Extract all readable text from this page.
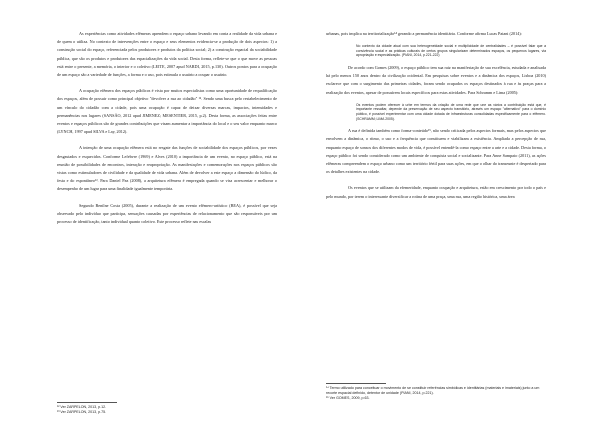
As experiências como atividades efêmeras aprendem o espaço urbano levando em conta a realidade da vida urbana e de quem o utiliza. No contexto de intervenções entre o espaço e seus elementos evidencia-se a produção de dois aspectos: 1) a construção social do espaço, referenciada pelos produtores e produtos da política social; 2) a construção espacial da sociabilidade pública, que são os produtos e produtores das espacializações da vida social. Desta forma, reflete-se que o que move as pessoas está entre o presente, a memória, o interior e o coletivo (LEITE, 2007 apud NARDI, 2015, p.130). Outros pontos para a ocupação de um espaço são a variedade de funções, a forma e o uso, pois estimula o usuário a ocupar o usuário.

A ocupação efêmera dos espaços públicos é vista por muitos especialistas como uma oportunidade de requalificação dos espaços, além de possuir como principal objetivo "devolver a rua ao cidadão" ¹². Sendo uma busca pelo restabelecimento de um vínculo do cidadão com a cidade, pois uma ocupação é capaz de deixar diversas marcas, impactos, intensidades e permanências nos lugares (SANSÃO, 2012 apud JIMENEZ; MESENTIER, 2015, p.2). Desta forma, as associações feitas entre eventos e espaços públicos são de grandes contribuições que visam aumentar a importância do local e o seu valor enquanto marco (LYNCH, 1997 apud SILVA e Lay, 2012).

A intenção de uma ocupação efêmera está no resgate das funções de sociabilidade dos espaços públicos, por vezes desgastados e esquecidos. Conforme Lefebvre (1969) e Alves (2010) a importância de um evento, no espaço público, está na reunião de possibilidades de encontros, interação e reapropriação. As manifestações e comemorações nos espaços públicos são vistas como estimuladores de civilidade e da qualidade de vida urbana. Além de devolver a este espaço a dimensão do lúdico, da festa e do espontâneo¹³. Para Daniel Paz (2008), a arquitetura efêmera é empregada quando se visa acrescentar e melhorar o desempenho de um lugar para uma finalidade igualmente temporária.

Segundo Benilne Costa (2005), durante a realização de um evento efêmero-artístico (BEA), é possível que seja observado pelo indivíduo que participa, sensações causadas por experiências de relacionamento que são responsáveis por um processo de identificação, tanto individual quanto coletivo. Este processo reflete nas escalas

¹² Ver ZARPELON, 2013, p.12.

¹³ Ver ZARPELON, 2013, p.75.

urbanas, pois implica na territorialização¹⁴ gerando a permanência identitária. Conforme afirma Lucas Paiani (2014):

No contexto da cidade atual com sua heterogeneidade social e multiplicidade de centralidades – é possível falar que a convivência social e as práticas culturais de certos grupos singularizam determinados espaços, os pequenos lugares, via apropriação e especialização. (PIANI, 2014, p.221-222)

De acordo com Gomes (2009), o espaço público tem sua raiz na manifestação de sua excelência, estudada e analisada há pelo menos 150 anos dentro da civilização ocidental. Em pesquisas sobre eventos e a dinâmica dos espaços, Lisboa (2010) esclarece que com o surgimento das primeiras cidades, foram sendo ocupados os espaços destinados à rua e às praças para a realização dos eventos, apesar de possuírem locais específicos para estas atividades. Para Schramm e Lima (2005):

Os eventos podem oferecer à urbe em termos da criação de uma rede que une as vários a contribuição está que, é importante ressaltar, depende da preservação de seu aspecto transitório, através um espaço "alternativo" para o domínio público, é possível experimentar com uma cidade dotada de infraestruturas consolidadas especificamente para o efêmero. (SCHRAMM; LIMA 2005).

A rua é definida também como forma-conteúdo¹⁵, não sendo criticada pelos aspectos formais, mas pelos aspectos que envolvem a dinâmica, o ritmo, o uso e a frequência que constituem e viabilizam a existência. Ampliada a percepção de rua, enquanto espaço de sonsos dos diferentes modos de vida, é possível entendê-la como espaço entre a arte e a cidade. Desta forma, o espaço público foi sendo considerado como um ambiente de conquista social e socializante. Para Anne Sampaio (2011), as ações efêmeras compreendem o espaço urbano como um território fértil para suas ações, em que o olhar do transeunte é despertado para os detalhes existentes na cidade.

Os eventos que se utilizam da efemeridade, enquanto ocupação e arquitetura, estão em crescimento por todo o país e pelo mundo, por terem o interessante diversificar a rotina de uma praça, uma rua, uma região histórica, uma área

¹⁴ Termo utilizado para conceituar o movimento de se constituir referências simbólicas e identitárias (materiais e imateriais) junto a um recorte espacial definido, detentor de unidade (PIANI, 2014, p.221).

¹⁵ Ver GOMES, 2009, p.63.
